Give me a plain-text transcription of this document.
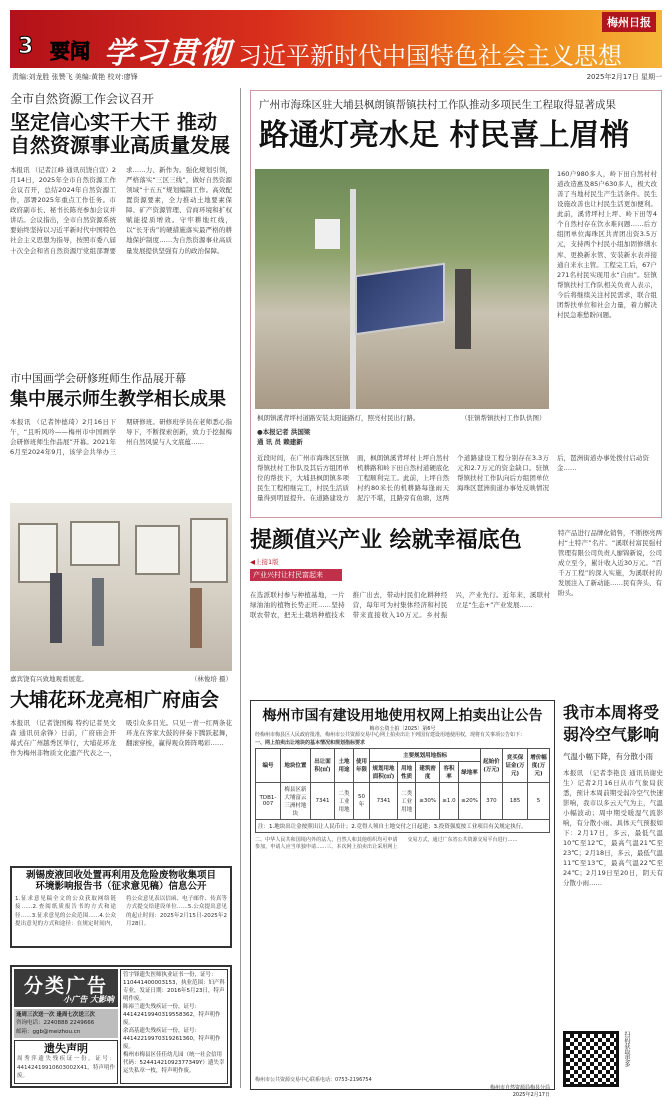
3 要闻 学习贯彻 习近平新时代中国特色社会主义思想
梅州日报
责编:刘龙胜 张赞飞 美编:黄艳 校对:廖锋	2025年2月17日 星期一
全市自然资源工作会议召开
坚定信心实干大干 推动
自然资源事业高质量发展
本报讯 （记者江峰 通讯员饶自宣）2月14日，2025年全市自然资源工作会议召开，总结2024年自然资源工作，部署2025年重点工作任务。市政府副市长、秘书长陈亮参加会议并讲话。会议指出，全市自然资源系统要始终坚持以习近平新时代中国特色社会主义思想为指导，按照市委八届十次全会和省自然资源厅党组部署要求……力、新作为。强化规划引领，严格落实“三区三线”，做好自然资源领域“十五五”规划编制工作。高效配置资源要素，全力推动土地要素保障、矿产资源管理、营商环境和扩权赋能提质增效。守牢耕地红线，以“长牙齿”的硬措施落实最严格的耕地保护制度……为自然资源事业高质量发展提供坚强有力的政治保障。
市中国画学会研修班师生作品展开幕
集中展示师生教学相长成果
本报讯 （记者钟德琦）2月16日下午，“且听风吟——梅州市中国画学会研修班师生作品展”开幕。2021年6月至2024年9月，该学会共举办三期研修班。研修班学员在老师悉心指导下，不断探索创新，致力于挖掘梅州自然风貌与人文底蕴……
嘉宾饶有兴致地观看展览。	（林俊培 摄）
大埔花环龙亮相广府庙会
本报讯 （记者饶国梅 特约记者吴文森 通讯员余锋）日前，广府庙会开幕式在广州越秀区举行，大埔花环龙作为梅州非物质文化遗产代表之一，吸引众多目光。只见一青一红两条花环龙在客家大鼓的伴奏下腾跃起舞，翻滚穿梭，赢得观众阵阵喝彩……
剥锡废液回收处置再利用及危险废物收集项目
环境影响报告书（征求意见稿）信息公开
1.征求意见稿全文的公众获取网络链接……2.查阅纸质报告书的方式和途径……3.征求意见的公众范围……4.公众提出意见的方式和途径：在规定时间内，将公众意见表以信函、电子邮件、传真等方式提交给建设单位……5.公众提出意见的起止时间：2025年2月15日-2025年2月28日。
分类广告
小广告 大影响
逢周三次送一次 逢周七次送三次
咨询电话：2240888 2249666
邮箱：ggb@meizhou.cn
遗失声明
周秀萍遗失残疾证一份，证号：44142419910603002X41，特声明作废。
管宇锋遗失医师执业证书一份，证号：110441400003153，执业范围：妇产科专业，发证日期：2016年5月23日，特声明作废。
陈裕兰遗失残疾证一份，证号：44142419940319558362，特声明作废。
余高基遗失残疾证一份，证号：44142219970319261360，特声明作废。
梅州市梅县区佳佳幼儿园（统一社会信用代码：52441421092377349Y）遗失幸运失私章一枚，特声明作废。
广州市海珠区驻大埔县枫朗镇帮镇扶村工作队推动多项民生工程取得显著成果
路通灯亮水足 村民喜上眉梢
枫朗镇溪背坪村道路安装太阳能路灯，照亮村民出行路。	（驻镇帮镇扶村工作队供图）
●本报记者 洪国梁
通 讯 员 赖建新
近段时间，在广州市海珠区驻镇帮镇扶村工作队及其后方组团单位的帮扶下，大埔县枫朗镇多项民生工程相继完工，村民生活质量得到明显提升。在道路建设方面，枫朗镇溪背坪村上坪自然村机耕路和岭下田自然村道硬底化工程顺利完工。此前，上坪自然村约80米长的机耕路每逢雨天泥泞不堪，且路旁有鱼塘，这两个道路建设工程分别存在3.3万元和2.7万元的资金缺口。驻镇帮镇扶村工作队向后方组团单位海珠区琶洲街道办事处反映情况后，琶洲街道办事处拨付启动资金……
160户980多人，岭下田自然村村道改造惠及85户630多人，极大改善了当地村民生产生活条件。民生设施改善也让村民生活更加便利。此前，溪背坪村上坪、岭下田等4个自然村存在饮水难问题……后方组团单位海珠区共青团出资3.5万元，支持两个村民小组加固修缮水库、更换新水管、安装新水表并接通自来水主管。工程完工后，67户271名村民实现用水“自由”。驻镇帮镇扶村工作队相关负责人表示，今后将继续关注村民需求，联合组团帮扶单位和社会力量，着力解决村民急难愁盼问题。
提颜值兴产业 绘就幸福底色
◀上接1版
产业兴村让村民富起来
在选派联村参与种植基地，一片绿油油的植物长势正旺……坚持联农带农，把无土栽培种植技术推广出去，带动村民们化耕种经营，每年可为村集体经济和村民带来直接收入10万元。乡村振兴，产业先行。近年来，溪联村立足“生态+”产业发展……
特产品进行品牌化销售，不断擦亮两村“土特产”名片。“溪联村富民强村管理有限公司负责人廖锦新说，公司成立至今，累计收入近30万元。“百千万工程”的深入实施，为溪联村的发展注入了新动能……民有奔头、有盼头。
梅州市国有建设用地使用权网上拍卖出让公告
梅市公资土拍〔2025〕第6号
经梅州市梅县区人民政府批准，梅州市公共资源交易中心网上拍卖出让下列国有建设用地使用权，现将有关事项公告如下：
一、网上拍卖出让地块的基本情况和规划指标要求
编号	地块位置	出让面积(㎡)	土地用途	使用年限	主要规划用地指标					起始价(万元)	竞买保证金(万元)	增价幅度(万元)
					规划用地面积(㎡)	用地性质	建筑密度	容积率	绿地率			
TDB1-007	梅县区新大埔富云三洲村地块	7341	二类工业用地	50年	7341	二类工业用地	≥30%	≥1.0	≤20%	370	185	5
注：1.地块出让金按照出让人民币计；2.竞得人须自土地交付之日起建；3.投资强度按工业项目有关规定执行。												
二、中华人民共和国境内外的法人、自然人和其他组织均可申请参加，申请人应当单独申请……三、本次网上拍卖出让采用网上交易方式，通过广东省公共资源交易平台进行……
梅州市公共资源交易中心联系电话：0753-2196754
梅州市自然资源局梅县分局
2025年2月17日
我市本周将受弱冷空气影响
气温小幅下降，有分散小雨
本报讯 （记者李艳良 通讯员谢史生）记者2月16日从市气象局获悉，预计本周前期受弱冷空气快速影响，我市以多云天气为主，气温小幅波动；周中期受暖湿气流影响，有分散小雨。具体天气预报如下：2月17日，多云，最低气温10℃至12℃，最高气温21℃至23℃；2月18日，多云，最低气温11℃至13℃，最高气温22℃至24℃；2月19日至20日，阴天有分散小雨……
扫码获取更多
